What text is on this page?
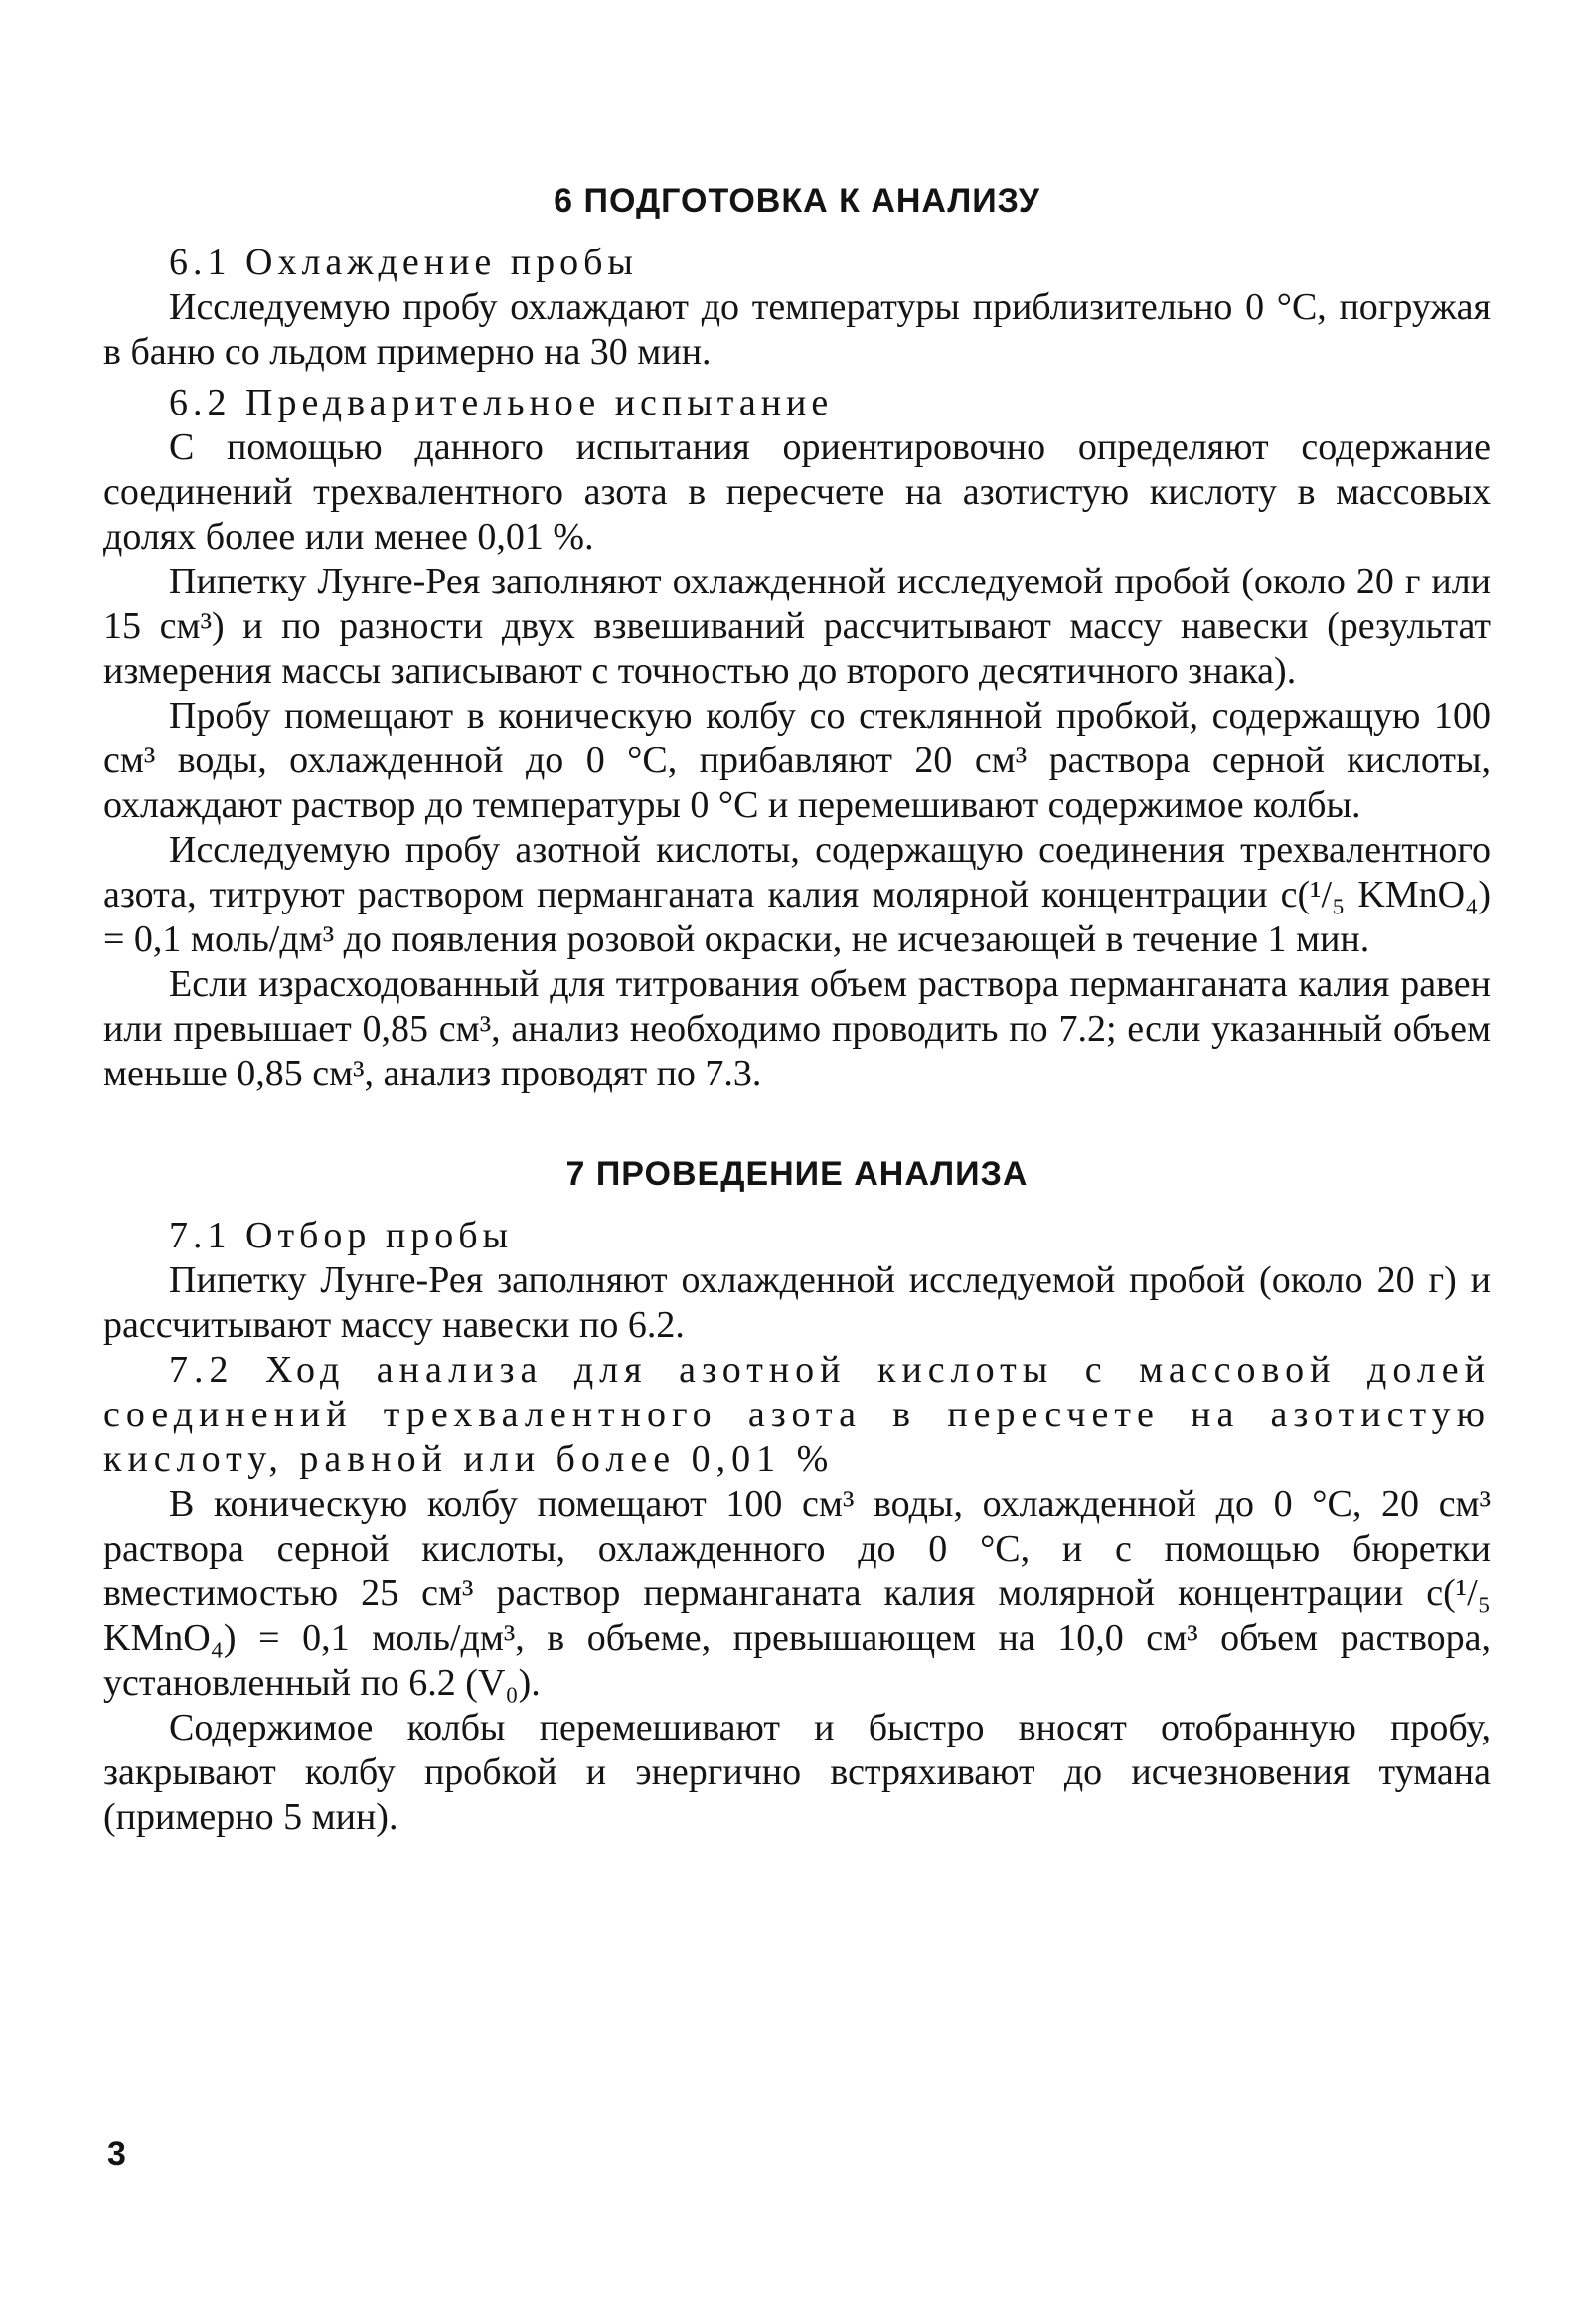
6 ПОДГОТОВКА К АНАЛИЗУ

6.1 Охлаждение пробы

Исследуемую пробу охлаждают до температуры приблизительно 0 °С, погружая в баню со льдом примерно на 30 мин.

6.2 Предварительное испытание

С помощью данного испытания ориентировочно определяют содержание соединений трехвалентного азота в пересчете на азотистую кислоту в массовых долях более или менее 0,01 %.

Пипетку Лунге-Рея заполняют охлажденной исследуемой пробой (около 20 г или 15 см³) и по разности двух взвешиваний рассчитывают массу навески (результат измерения массы записывают с точностью до второго десятичного знака).

Пробу помещают в коническую колбу со стеклянной пробкой, содержащую 100 см³ воды, охлажденной до 0 °С, прибавляют 20 см³ раствора серной кислоты, охлаждают раствор до температуры 0 °С и перемешивают содержимое колбы.

Исследуемую пробу азотной кислоты, содержащую соединения трехвалентного азота, титруют раствором перманганата калия молярной концентрации c(¹/₅ KMnO₄) = 0,1 моль/дм³ до появления розовой окраски, не исчезающей в течение 1 мин.

Если израсходованный для титрования объем раствора перманганата калия равен или превышает 0,85 см³, анализ необходимо проводить по 7.2; если указанный объем меньше 0,85 см³, анализ проводят по 7.3.

7 ПРОВЕДЕНИЕ АНАЛИЗА

7.1 Отбор пробы

Пипетку Лунге-Рея заполняют охлажденной исследуемой пробой (около 20 г) и рассчитывают массу навески по 6.2.

7.2 Ход анализа для азотной кислоты с массовой долей соединений трехвалентного азота в пересчете на азотистую кислоту, равной или более 0,01 %

В коническую колбу помещают 100 см³ воды, охлажденной до 0 °С, 20 см³ раствора серной кислоты, охлажденного до 0 °С, и с помощью бюретки вместимостью 25 см³ раствор перманганата калия молярной концентрации c(¹/₅ KMnO₄) = 0,1 моль/дм³, в объеме, превышающем на 10,0 см³ объем раствора, установленный по 6.2 (V₀).

Содержимое колбы перемешивают и быстро вносят отобранную пробу, закрывают колбу пробкой и энергично встряхивают до исчезновения тумана (примерно 5 мин).

3
